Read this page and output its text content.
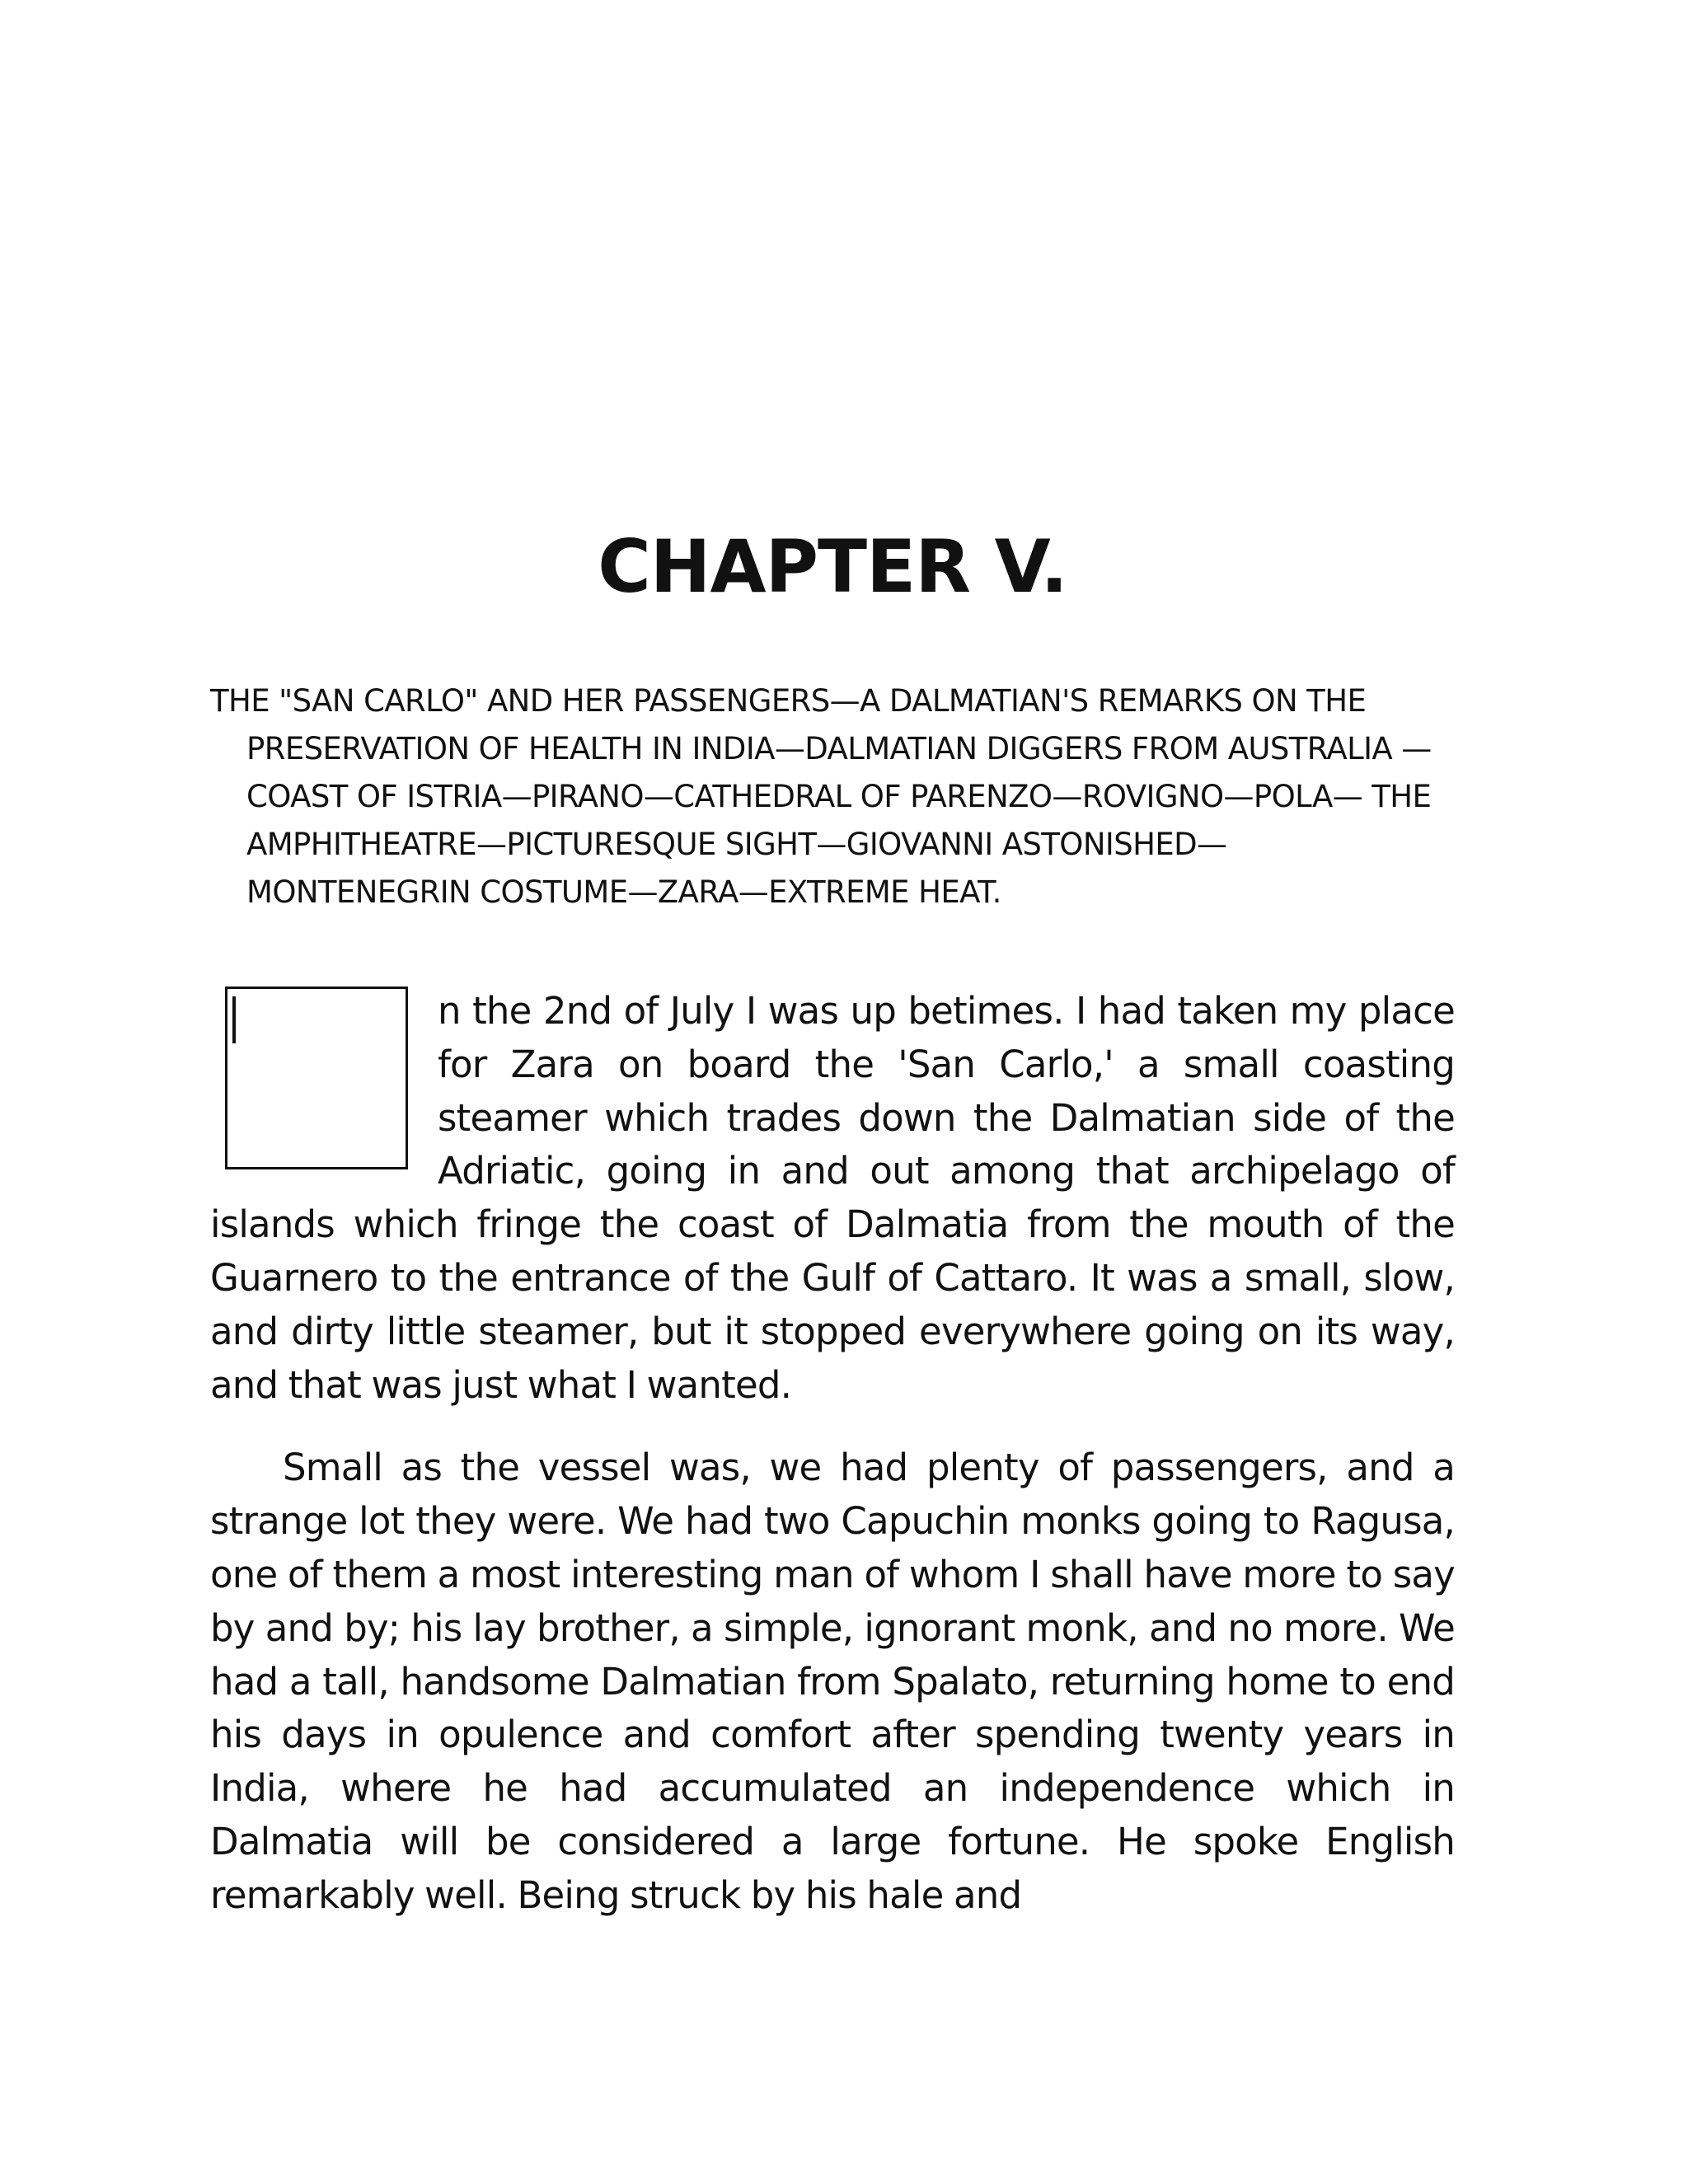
CHAPTER V.

THE "SAN CARLO" AND HER PASSENGERS—A DALMATIAN'S REMARKS ON THE PRESERVATION OF HEALTH IN INDIA—DALMATIAN DIGGERS FROM AUSTRALIA —COAST OF ISTRIA—PIRANO—CATHEDRAL OF PARENZO—ROVIGNO—POLA— THE AMPHITHEATRE—PICTURESQUE SIGHT—GIOVANNI ASTONISHED— MONTENEGRIN COSTUME—ZARA—EXTREME HEAT.

n the 2nd of July I was up betimes. I had taken my place for Zara on board the 'San Carlo,' a small coasting steamer which trades down the Dalmatian side of the Adriatic, going in and out among that archipelago of islands which fringe the coast of Dalmatia from the mouth of the Guarnero to the entrance of the Gulf of Cattaro. It was a small, slow, and dirty little steamer, but it stopped everywhere going on its way, and that was just what I wanted.

Small as the vessel was, we had plenty of passengers, and a strange lot they were. We had two Capuchin monks going to Ragusa, one of them a most interesting man of whom I shall have more to say by and by; his lay brother, a simple, ignorant monk, and no more. We had a tall, handsome Dalmatian from Spalato, returning home to end his days in opulence and comfort after spending twenty years in India, where he had accumulated an independence which in Dalmatia will be considered a large fortune. He spoke English remarkably well. Being struck by his hale and
